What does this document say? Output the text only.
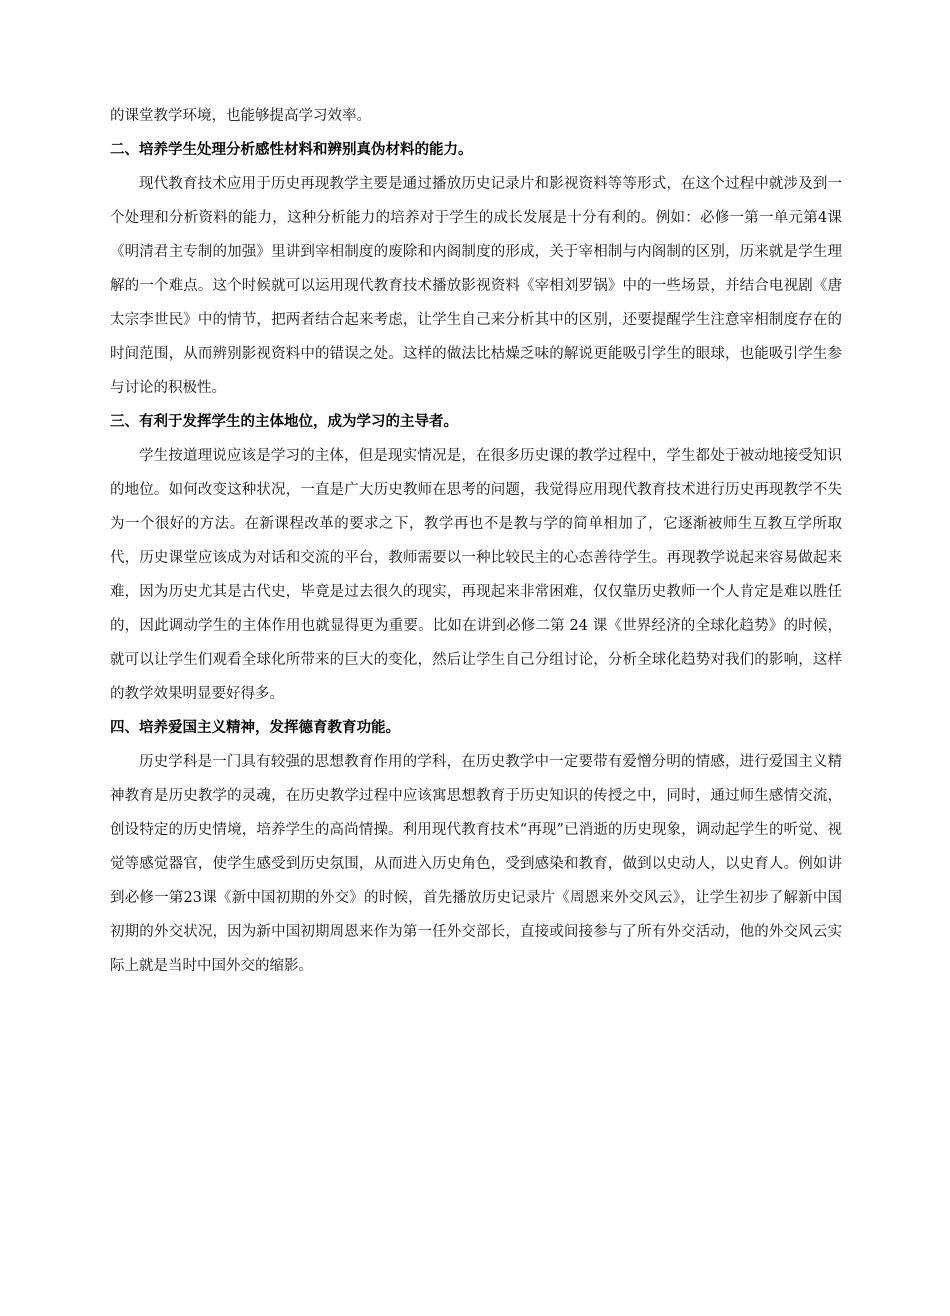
的课堂教学环境，也能够提高学习效率。

二、培养学生处理分析感性材料和辨别真伪材料的能力。

现代教育技术应用于历史再现教学主要是通过播放历史记录片和影视资料等等形式，在这个过程中就涉及到一个处理和分析资料的能力，这种分析能力的培养对于学生的成长发展是十分有利的。例如：必修一第一单元第4课《明清君主专制的加强》里讲到宰相制度的废除和内阁制度的形成，关于宰相制与内阁制的区别，历来就是学生理解的一个难点。这个时候就可以运用现代教育技术播放影视资料《宰相刘罗锅》中的一些场景，并结合电视剧《唐太宗李世民》中的情节，把两者结合起来考虑，让学生自己来分析其中的区别，还要提醒学生注意宰相制度存在的时间范围，从而辨别影视资料中的错误之处。这样的做法比枯燥乏味的解说更能吸引学生的眼球，也能吸引学生参与讨论的积极性。

三、有利于发挥学生的主体地位，成为学习的主导者。

学生按道理说应该是学习的主体，但是现实情况是，在很多历史课的教学过程中，学生都处于被动地接受知识的地位。如何改变这种状况，一直是广大历史教师在思考的问题，我觉得应用现代教育技术进行历史再现教学不失为一个很好的方法。在新课程改革的要求之下，教学再也不是教与学的简单相加了，它逐渐被师生互教互学所取代，历史课堂应该成为对话和交流的平台，教师需要以一种比较民主的心态善待学生。再现教学说起来容易做起来难，因为历史尤其是古代史，毕竟是过去很久的现实，再现起来非常困难，仅仅靠历史教师一个人肯定是难以胜任的，因此调动学生的主体作用也就显得更为重要。比如在讲到必修二第 24 课《世界经济的全球化趋势》的时候，就可以让学生们观看全球化所带来的巨大的变化，然后让学生自己分组讨论，分析全球化趋势对我们的影响，这样的教学效果明显要好得多。

四、培养爱国主义精神，发挥德育教育功能。

历史学科是一门具有较强的思想教育作用的学科，在历史教学中一定要带有爱憎分明的情感，进行爱国主义精神教育是历史教学的灵魂，在历史教学过程中应该寓思想教育于历史知识的传授之中，同时，通过师生感情交流，创设特定的历史情境，培养学生的高尚情操。利用现代教育技术“再现”已消逝的历史现象，调动起学生的听觉、视觉等感觉器官，使学生感受到历史氛围，从而进入历史角色，受到感染和教育，做到以史动人，以史育人。例如讲到必修一第23课《新中国初期的外交》的时候，首先播放历史记录片《周恩来外交风云》，让学生初步了解新中国初期的外交状况，因为新中国初期周恩来作为第一任外交部长，直接或间接参与了所有外交活动，他的外交风云实际上就是当时中国外交的缩影。
